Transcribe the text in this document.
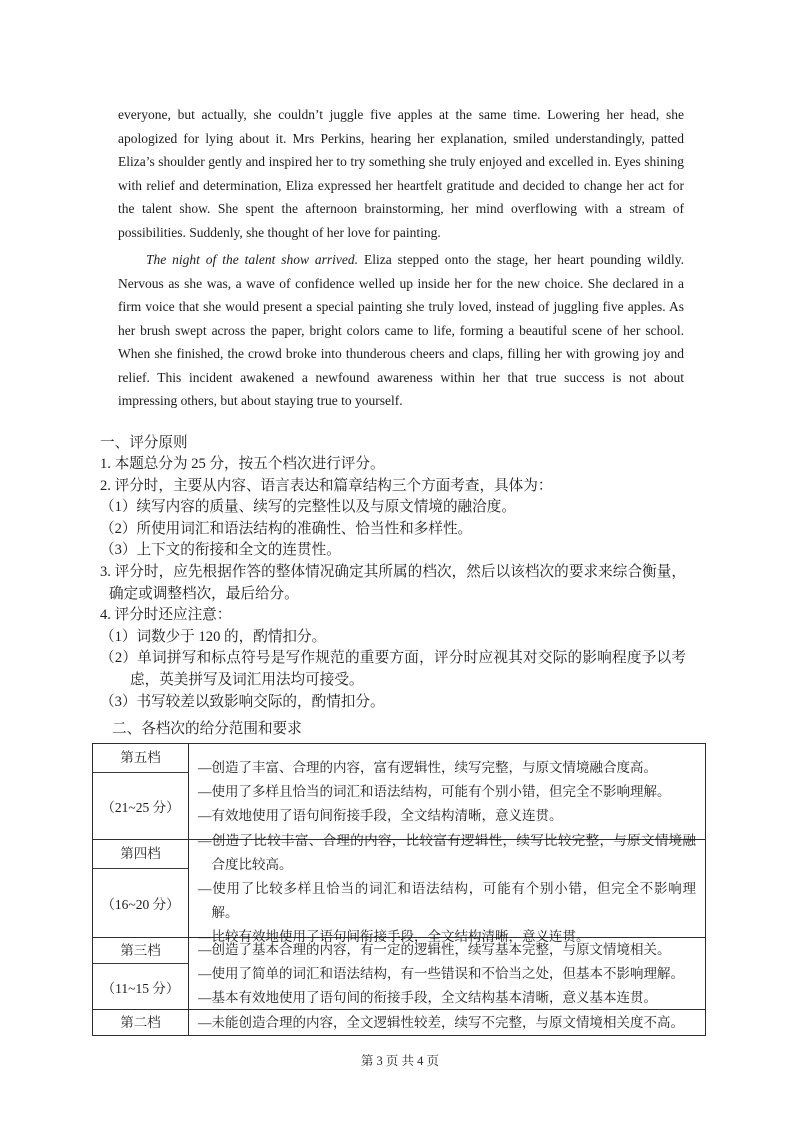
everyone, but actually, she couldn’t juggle five apples at the same time. Lowering her head, she apologized for lying about it. Mrs Perkins, hearing her explanation, smiled understandingly, patted Eliza’s shoulder gently and inspired her to try something she truly enjoyed and excelled in. Eyes shining with relief and determination, Eliza expressed her heartfelt gratitude and decided to change her act for the talent show. She spent the afternoon brainstorming, her mind overflowing with a stream of possibilities. Suddenly, she thought of her love for painting.

The night of the talent show arrived. Eliza stepped onto the stage, her heart pounding wildly. Nervous as she was, a wave of confidence welled up inside her for the new choice. She declared in a firm voice that she would present a special painting she truly loved, instead of juggling five apples. As her brush swept across the paper, bright colors came to life, forming a beautiful scene of her school. When she finished, the crowd broke into thunderous cheers and claps, filling her with growing joy and relief. This incident awakened a newfound awareness within her that true success is not about impressing others, but about staying true to yourself.

一、评分原则

1. 本题总分为 25 分，按五个档次进行评分。

2. 评分时，主要从内容、语言表达和篇章结构三个方面考查，具体为：

（1）续写内容的质量、续写的完整性以及与原文情境的融洽度。

（2）所使用词汇和语法结构的准确性、恰当性和多样性。

（3）上下文的衔接和全文的连贯性。

3. 评分时，应先根据作答的整体情况确定其所属的档次，然后以该档次的要求来综合衡量，确定或调整档次，最后给分。

4. 评分时还应注意：

（1）词数少于 120 的，酌情扣分。

（2）单词拼写和标点符号是写作规范的重要方面，评分时应视其对交际的影响程度予以考虑，英美拼写及词汇用法均可接受。

（3）书写较差以致影响交际的，酌情扣分。

二、各档次的给分范围和要求
第五档
（21~25 分）

—创造了丰富、合理的内容，富有逻辑性，续写完整，与原文情境融合度高。

—使用了多样且恰当的词汇和语法结构，可能有个别小错，但完全不影响理解。

—有效地使用了语句间衔接手段，全文结构清晰，意义连贯。

第四档
（16~20 分）

—创造了比较丰富、合理的内容，比较富有逻辑性，续写比较完整，与原文情境融合度比较高。

—使用了比较多样且恰当的词汇和语法结构，可能有个别小错，但完全不影响理解。

—比较有效地使用了语句间衔接手段，全文结构清晰，意义连贯。

第三档
（11~15 分）

—创造了基本合理的内容，有一定的逻辑性，续写基本完整，与原文情境相关。

—使用了简单的词汇和语法结构，有一些错误和不恰当之处，但基本不影响理解。

—基本有效地使用了语句间的衔接手段，全文结构基本清晰，意义基本连贯。

第二档	—未能创造合理的内容，全文逻辑性较差，续写不完整，与原文情境相关度不高。

第 3 页 共 4 页
